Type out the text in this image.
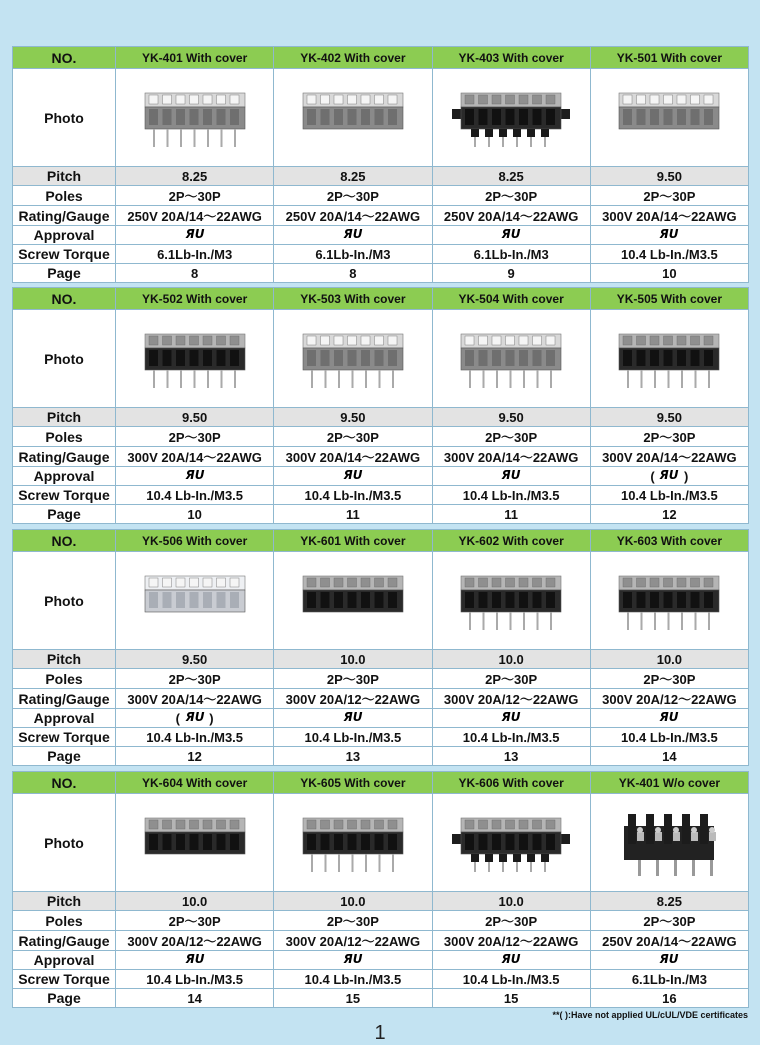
NO.	YK-401 With cover	YK-402 With cover	YK-403 With cover	YK-501 With cover
Photo	

Pitch	8.25	8.25	8.25	9.50
Poles	2P～30P	2P～30P	2P～30P	2P～30P
Rating/Gauge	250V 20A/14～22AWG	250V 20A/14～22AWG	250V 20A/14～22AWG	300V 20A/14～22AWG
Approval	ЯU	ЯU	ЯU	ЯU

Screw Torque	6.1Lb-In./M3	6.1Lb-In./M3	6.1Lb-In./M3	10.4 Lb-In./M3.5
Page	8	8	9	10
NO.	YK-502 With cover	YK-503 With cover	YK-504 With cover	YK-505 With cover
Photo	

Pitch	9.50	9.50	9.50	9.50
Poles	2P～30P	2P～30P	2P～30P	2P～30P
Rating/Gauge	300V 20A/14～22AWG	300V 20A/14～22AWG	300V 20A/14～22AWG	300V 20A/14～22AWG
Approval	ЯU	ЯU	ЯU	( ЯU )
Screw Torque	10.4 Lb-In./M3.5	10.4 Lb-In./M3.5	10.4 Lb-In./M3.5	10.4 Lb-In./M3.5
Page	10	11	11	12
NO.	YK-506 With cover	YK-601 With cover	YK-602 With cover	YK-603 With cover
Photo	

Pitch	9.50	10.0	10.0	10.0
Poles	2P～30P	2P～30P	2P～30P	2P～30P
Rating/Gauge	300V 20A/14～22AWG	300V 20A/12～22AWG	300V 20A/12～22AWG	300V 20A/12～22AWG
Approval	( ЯU )	ЯU	ЯU	ЯU

Screw Torque	10.4 Lb-In./M3.5	10.4 Lb-In./M3.5	10.4 Lb-In./M3.5	10.4 Lb-In./M3.5
Page	12	13	13	14
NO.	YK-604 With cover	YK-605 With cover	YK-606 With cover	YK-401 W/o cover
Photo	

Pitch	10.0	10.0	10.0	8.25
Poles	2P～30P	2P～30P	2P～30P	2P～30P
Rating/Gauge	300V 20A/12～22AWG	300V 20A/12～22AWG	300V 20A/12～22AWG	250V 20A/14～22AWG
Approval	ЯU	ЯU	ЯU	ЯU

Screw Torque	10.4 Lb-In./M3.5	10.4 Lb-In./M3.5	10.4 Lb-In./M3.5	6.1Lb-In./M3
Page	14	15	15	16
**( ):Have not applied UL/cUL/VDE certificates
1
